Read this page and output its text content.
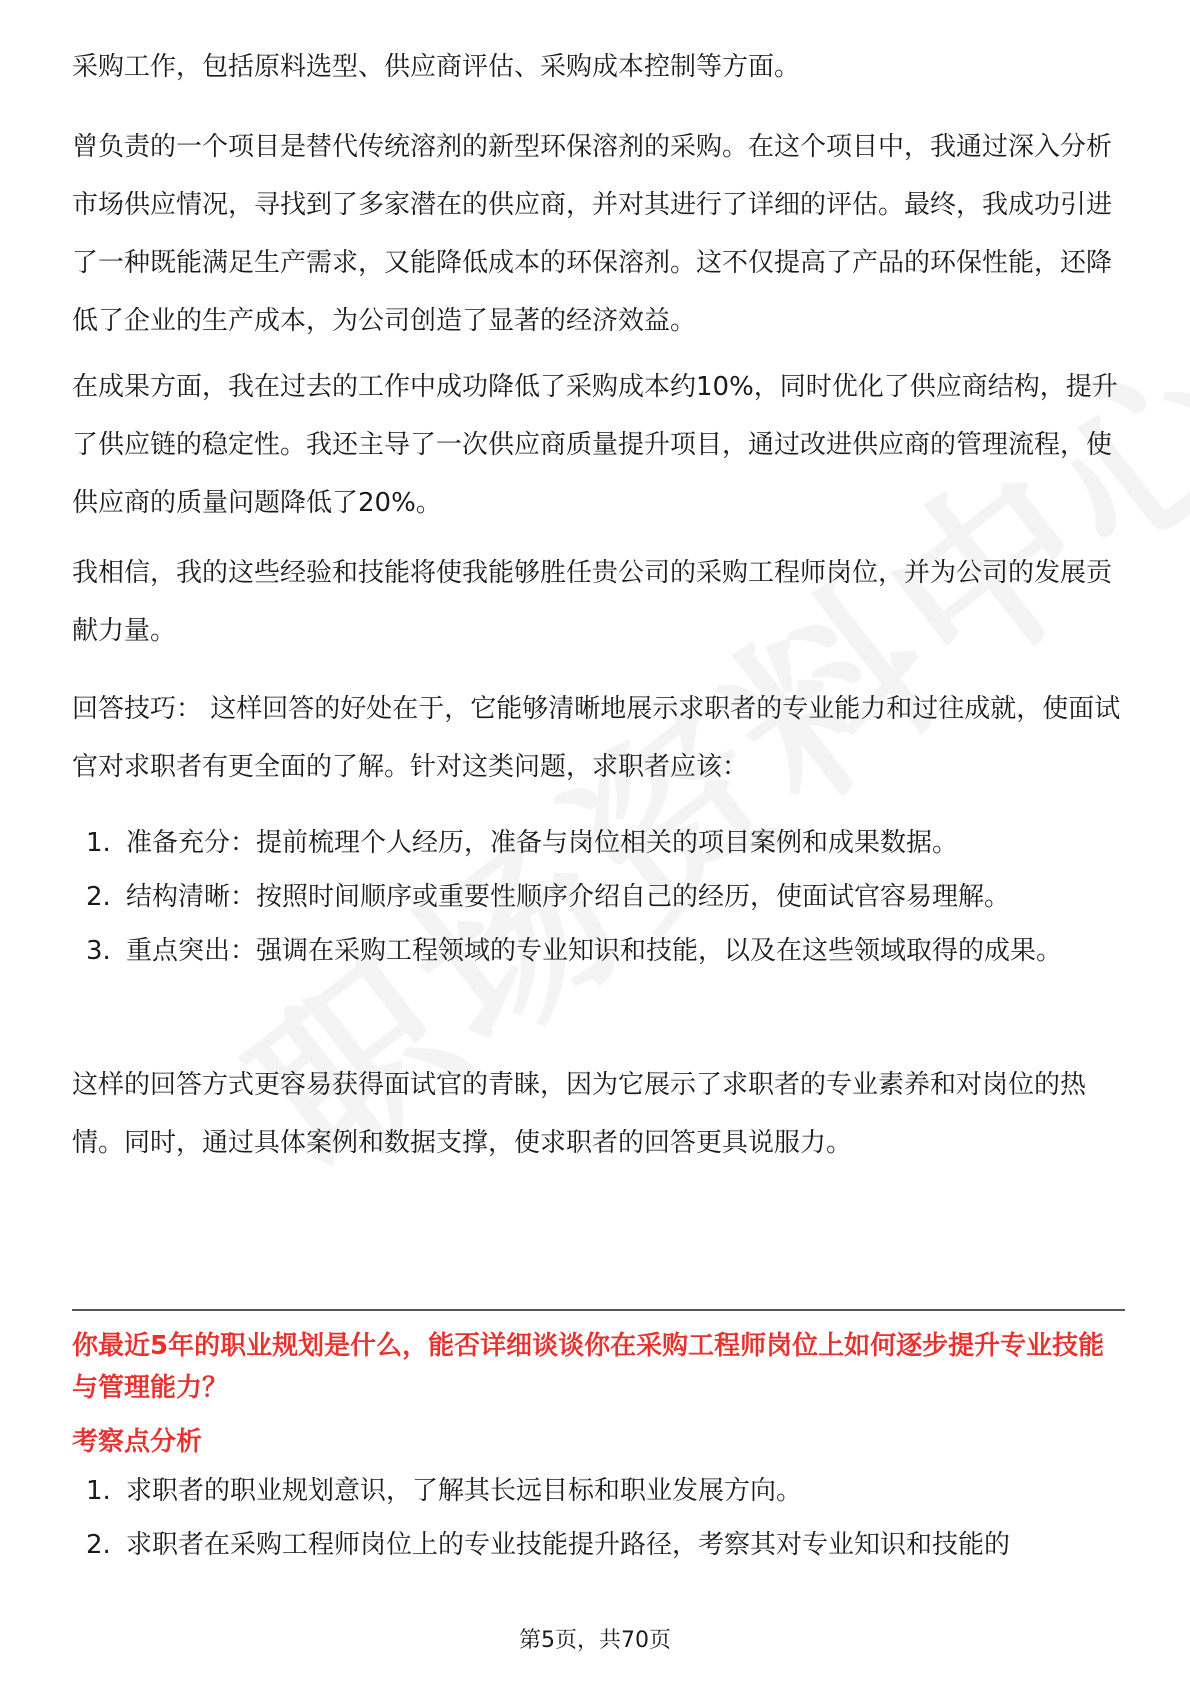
采购工作，包括原料选型、供应商评估、采购成本控制等方面。

曾负责的一个项目是替代传统溶剂的新型环保溶剂的采购。在这个项目中，我通过深入分析市场供应情况，寻找到了多家潜在的供应商，并对其进行了详细的评估。最终，我成功引进了一种既能满足生产需求，又能降低成本的环保溶剂。这不仅提高了产品的环保性能，还降低了企业的生产成本，为公司创造了显著的经济效益。

在成果方面，我在过去的工作中成功降低了采购成本约10%，同时优化了供应商结构，提升了供应链的稳定性。我还主导了一次供应商质量提升项目，通过改进供应商的管理流程，使供应商的质量问题降低了20%。

我相信，我的这些经验和技能将使我能够胜任贵公司的采购工程师岗位，并为公司的发展贡献力量。

回答技巧： 这样回答的好处在于，它能够清晰地展示求职者的专业能力和过往成就，使面试官对求职者有更全面的了解。针对这类问题，求职者应该：

1. 准备充分：提前梳理个人经历，准备与岗位相关的项目案例和成果数据。
2. 结构清晰：按照时间顺序或重要性顺序介绍自己的经历，使面试官容易理解。
3. 重点突出：强调在采购工程领域的专业知识和技能，以及在这些领域取得的成果。

这样的回答方式更容易获得面试官的青睐，因为它展示了求职者的专业素养和对岗位的热情。同时，通过具体案例和数据支撑，使求职者的回答更具说服力。

你最近5年的职业规划是什么，能否详细谈谈你在采购工程师岗位上如何逐步提升专业技能与管理能力？
考察点分析
1. 求职者的职业规划意识，了解其长远目标和职业发展方向。
2. 求职者在采购工程师岗位上的专业技能提升路径，考察其对专业知识和技能的
第5页，共70页
